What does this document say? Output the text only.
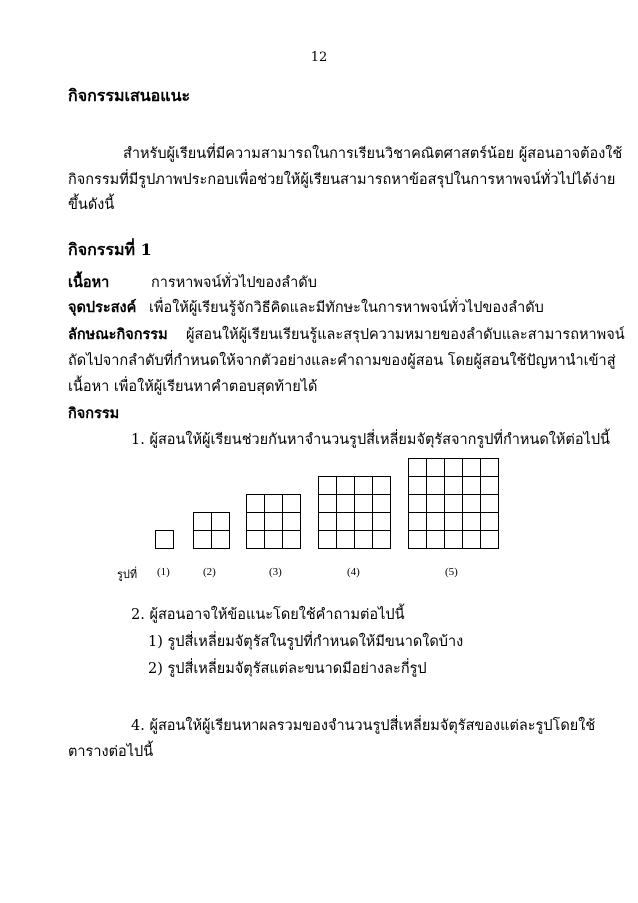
12
กิจกรรมเสนอแนะ
สำหรับผู้เรียนที่มีความสามารถในการเรียนวิชาคณิตศาสตร์น้อย ผู้สอนอาจต้องใช้
กิจกรรมที่มีรูปภาพประกอบเพื่อช่วยให้ผู้เรียนสามารถหาข้อสรุปในการหาพจน์ทั่วไปได้ง่าย
ขึ้นดังนี้
กิจกรรมที่ 1
เนื้อหา	การหาพจน์ทั่วไปของลำดับ
จุดประสงค์ เพื่อให้ผู้เรียนรู้จักวิธีคิดและมีทักษะในการหาพจน์ทั่วไปของลำดับ
ลักษณะกิจกรรม ผู้สอนให้ผู้เรียนเรียนรู้และสรุปความหมายของลำดับและสามารถหาพจน์
ถัดไปจากลำดับที่กำหนดให้จากตัวอย่างและคำถามของผู้สอน โดยผู้สอนใช้ปัญหานำเข้าสู่
เนื้อหา เพื่อให้ผู้เรียนหาคำตอบสุดท้ายได้
กิจกรรม
1. ผู้สอนให้ผู้เรียนช่วยกันหาจำนวนรูปสี่เหลี่ยมจัตุรัสจากรูปที่กำหนดให้ต่อไปนี้
(1)	(2)	(3)	(4)	(5)
รูปที่
2. ผู้สอนอาจให้ข้อแนะโดยใช้คำถามต่อไปนี้
1) รูปสี่เหลี่ยมจัตุรัสในรูปที่กำหนดให้มีขนาดใดบ้าง
2) รูปสี่เหลี่ยมจัตุรัสแต่ละขนาดมีอย่างละกี่รูป
4. ผู้สอนให้ผู้เรียนหาผลรวมของจำนวนรูปสี่เหลี่ยมจัตุรัสของแต่ละรูปโดยใช้
ตารางต่อไปนี้
